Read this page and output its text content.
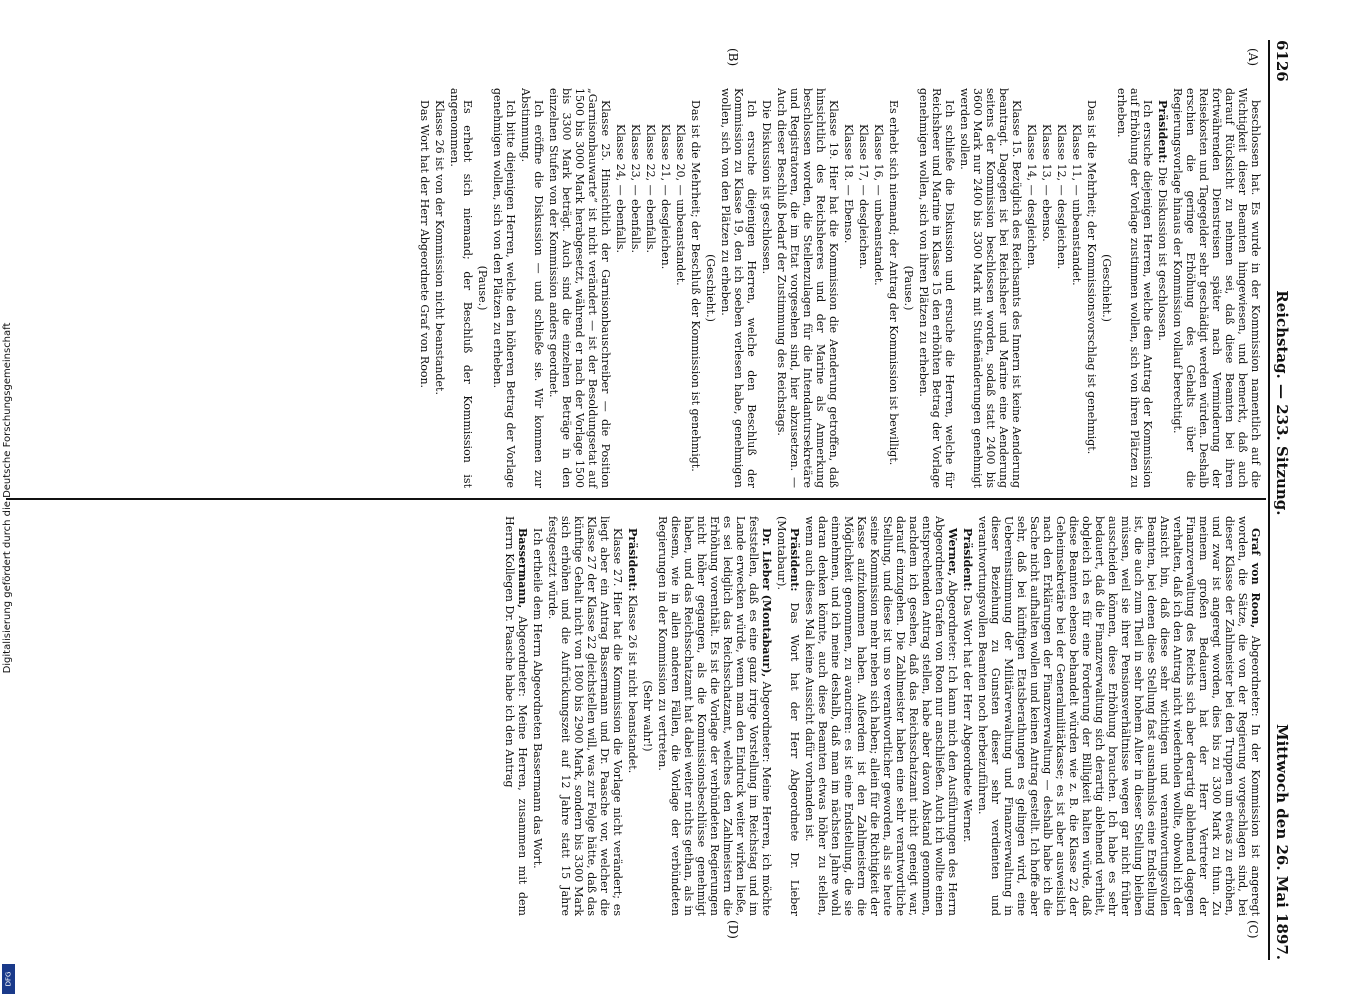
6126
Reichstag. — 233. Sitzung.
Mittwoch den 26. Mai 1897.
(A)
(B)
(C)
(D)

beschlossen hat. Es wurde in der Kommission namentlich auf die Wichtigkeit dieser Beamten hingewiesen, und bemerkt, daß auch darauf Rücksicht zu nehmen sei, daß diese Beamten bei ihren fortwährenden Dienstreisen später nach Verminderung der Reisekosten und Tagegelder sehr geschädigt werden würden. Deshalb erschien die geringe Erhöhung des Gehalts über die Regierungsvorlage hinaus der Kommission vollauf berechtigt.

Präsident: Die Diskussion ist geschlossen.

Ich ersuche diejenigen Herren, welche dem Antrag der Kommission auf Erhöhung der Vorlage zustimmen wollen, sich von ihren Plätzen zu erheben.

(Geschieht.)

Das ist die Mehrheit; der Kommissionsvorschlag ist genehmigt.

Klasse 11, — unbeanstandet.

Klasse 12, — desgleichen.

Klasse 13, — ebenso.

Klasse 14, — desgleichen.

Klasse 15. Bezüglich des Reichsamts des Innern ist keine Aenderung beantragt. Dagegen ist bei Reichsheer und Marine eine Aenderung seitens der Kommission beschlossen worden, sodaß statt 2400 bis 3600 Mark nur 2400 bis 3300 Mark mit Stufenänderungen genehmigt werden sollen.

Ich schließe die Diskussion und ersuche die Herren, welche für Reichsheer und Marine in Klasse 15 den erhöhten Betrag der Vorlage genehmigen wollen, sich von ihren Plätzen zu erheben.

(Pause.)

Es erhebt sich niemand; der Antrag der Kommission ist bewilligt.

Klasse 16, — unbeanstandet.

Klasse 17, — desgleichen.

Klasse 18. — Ebenso.

Klasse 19. Hier hat die Kommission die Aenderung getroffen, daß hinsichtlich des Reichsheeres und der Marine als Anmerkung beschlossen worden, die Stellenzulagen für die Intendantursekretäre und Registratoren, die im Etat vorgesehen sind, hier abzusetzen. — Auch dieser Beschluß bedarf der Zustimmung des Reichstags.

Die Diskussion ist geschlossen.

Ich ersuche diejenigen Herren, welche den Beschluß der Kommission zu Klasse 19, den ich soeben verlesen habe, genehmigen wollen, sich von den Plätzen zu erheben.

(Geschieht.)

Das ist die Mehrheit; der Beschluß der Kommission ist genehmigt.

Klasse 20, — unbeanstandet.

Klasse 21, — desgleichen.

Klasse 22, — ebenfalls.

Klasse 23, — ebenfalls.

Klasse 24, — ebenfalls.

Klasse 25. Hinsichtlich der Garnisonbauschreiber — die Position „Garnisonbauwarte“ ist nicht verändert — ist der Besoldungsetat auf 1500 bis 3000 Mark herabgesetzt, während er nach der Vorlage 1500 bis 3300 Mark beträgt. Auch sind die einzelnen Beträge in den einzelnen Stufen von der Kommission anders geordnet.

Ich eröffne die Diskussion — und schließe sie. Wir kommen zur Abstimmung.

Ich bitte diejenigen Herren, welche den höheren Betrag der Vorlage genehmigen wollen, sich von den Plätzen zu erheben.

(Pause.)

Es erhebt sich niemand; der Beschluß der Kommission ist angenommen.

Klasse 26 ist von der Kommission nicht beanstandet.

Das Wort hat der Herr Abgeordnete Graf von Roon.

Graf von Roon, Abgeordneter: In der Kommission ist angeregt worden, die Sätze, die von der Regierung vorgeschlagen sind, bei dieser Klasse der Zahlmeister bei den Truppen um etwas zu erhöhen, und zwar ist angeregt worden, dies bis zu 3300 Mark zu thun. Zu meinem großen Bedauern hat der Herr Vertreter der Finanzverwaltung des Reichs sich aber derartig ablehnend dagegen verhalten, daß ich den Antrag nicht wiederholen wollte, obwohl ich der Ansicht bin, daß diese sehr wichtigen und verantwortungsvollen Beamten, bei denen diese Stellung fast ausnahmslos eine Endstellung ist, die auch zum Theil in sehr hohem Alter in dieser Stellung bleiben müssen, weil sie ihrer Pensionsverhältnisse wegen gar nicht früher ausscheiden können, diese Erhöhung brauchen. Ich habe es sehr bedauert, daß die Finanzverwaltung sich derartig ablehnend verhielt, obgleich ich es für eine Forderung der Billigkeit halten würde, daß diese Beamten ebenso behandelt würden wie z. B. die Klasse 22 der Geheimsekretäre bei der Generalmilitärkasse; es ist aber ausweislich nach den Erklärungen der Finanzverwaltung — deshalb habe ich die Sache nicht aufhalten wollen und keinen Antrag gestellt. Ich hoffe aber sehr, daß bei künftigen Etatsberathungen es gelingen wird, eine Uebereinstimmung der Militärverwaltung und Finanzverwaltung in dieser Beziehung zu Gunsten dieser sehr verdienten und verantwortungsvollen Beamten noch herbeizuführen.

Präsident: Das Wort hat der Herr Abgeordnete Werner.

Werner, Abgeordneter: Ich kann mich den Ausführungen des Herrn Abgeordneten Grafen von Roon nur anschließen. Auch ich wollte einen entsprechenden Antrag stellen, habe aber davon Abstand genommen, nachdem ich gesehen, daß das Reichsschatzamt nicht geneigt war, darauf einzugehen. Die Zahlmeister haben eine sehr verantwortliche Stellung, und diese ist um so verantwortlicher geworden, als sie heute seine Kommission mehr neben sich haben; allein für die Richtigkeit der Kasse aufzukommen haben. Außerdem ist den Zahlmeistern die Möglichkeit genommen, zu avanciren: es ist eine Endstellung, die sie einnehmen, und ich meine deshalb, daß man im nächsten Jahre wohl daran denken könnte, auch diese Beamten etwas höher zu stellen, wenn auch dieses Mal keine Aussicht dafür vorhanden ist.

Präsident: Das Wort hat der Herr Abgeordnete Dr. Lieber (Montabaur).

Dr. Lieber (Montabaur), Abgeordneter: Meine Herren, ich möchte feststellen, daß es eine ganz irrige Vorstellung im Reichstag und im Lande erwecken würde, wenn man den Eindruck weiter wirken ließe, es sei lediglich das Reichsschatzamt, welches den Zahlmeistern die Erhöhung vorenthält. Es ist die Vorlage der verbündeten Regierungen nicht höher gegangen, als die Kommissionsbeschlüsse genehmigt haben, und das Reichsschatzamt hat dabei weiter nichts gethan, als in diesem, wie in allen anderen Fällen, die Vorlage der verbündeten Regierungen in der Kommission zu vertreten.

(Sehr wahr!)

Präsident: Klasse 26 ist nicht beanstandet.

Klasse 27. Hier hat die Kommission die Vorlage nicht verändert; es liegt aber ein Antrag Bassermann und Dr. Paasche vor, welcher die Klasse 27 der Klasse 22 gleichstellen will, was zur Folge hätte, daß das künftige Gehalt nicht von 1800 bis 2900 Mark, sondern bis 3300 Mark sich erhöhen und die Aufrückungszeit auf 12 Jahre statt 15 Jahre festgesetzt würde.

Ich ertheile dem Herrn Abgeordneten Bassermann das Wort.

Bassermann, Abgeordneter: Meine Herren, zusammen mit dem Herrn Kollegen Dr. Paasche habe ich den Antrag

Digitalisierung gefördert durch die Deutsche Forschungsgemeinschaft
DFG
